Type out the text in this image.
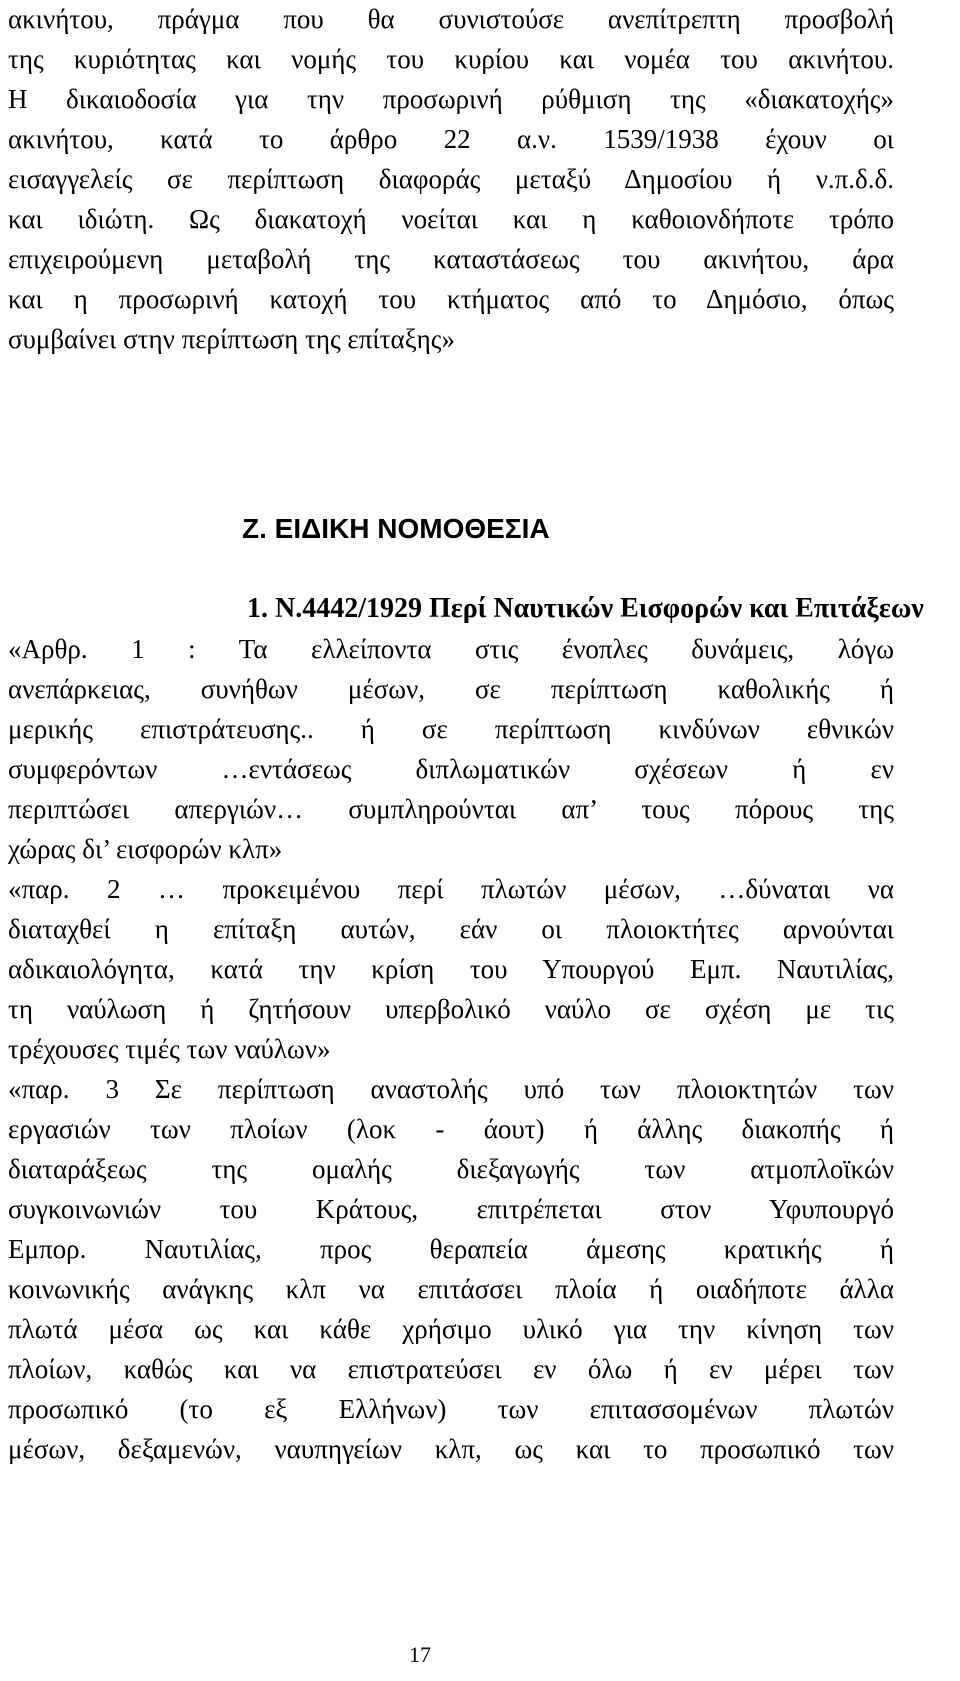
ακινήτου, πράγμα που θα συνιστούσε ανεπίτρεπτη προσβολή
της κυριότητας και νομής του κυρίου και νομέα του ακινήτου.
Η δικαιοδοσία για την προσωρινή ρύθμιση της «διακατοχής»
ακινήτου, κατά το άρθρο 22 α.ν. 1539/1938 έχουν οι
εισαγγελείς σε περίπτωση διαφοράς μεταξύ Δημοσίου ή ν.π.δ.δ.
και ιδιώτη. Ως διακατοχή νοείται και η καθοιονδήποτε τρόπο
επιχειρούμενη μεταβολή της καταστάσεως του ακινήτου, άρα
και η προσωρινή κατοχή του κτήματος από το Δημόσιο, όπως
συμβαίνει στην περίπτωση της επίταξης»
Ζ. ΕΙΔΙΚΗ ΝΟΜΟΘΕΣΙΑ
1. Ν.4442/1929 Περί Ναυτικών Εισφορών και Επιτάξεων
«Αρθρ. 1 : Τα ελλείποντα στις ένοπλες δυνάμεις, λόγω
ανεπάρκειας, συνήθων μέσων, σε περίπτωση καθολικής ή
μερικής επιστράτευσης.. ή σε περίπτωση κινδύνων εθνικών
συμφερόντων …εντάσεως διπλωματικών σχέσεων ή εν
περιπτώσει απεργιών… συμπληρούνται απ’ τους πόρους της
χώρας δι’ εισφορών κλπ»
«παρ. 2 … προκειμένου περί πλωτών μέσων, …δύναται να
διαταχθεί η επίταξη αυτών, εάν οι πλοιοκτήτες αρνούνται
αδικαιολόγητα, κατά την κρίση του Υπουργού Εμπ. Ναυτιλίας,
τη ναύλωση ή ζητήσουν υπερβολικό ναύλο σε σχέση με τις
τρέχουσες τιμές των ναύλων»
«παρ. 3 Σε περίπτωση αναστολής υπό των πλοιοκτητών των
εργασιών των πλοίων (λοκ - άουτ) ή άλλης διακοπής ή
διαταράξεως της ομαλής διεξαγωγής των ατμοπλοϊκών
συγκοινωνιών του Κράτους, επιτρέπεται στον Υφυπουργό
Εμπορ. Ναυτιλίας, προς θεραπεία άμεσης κρατικής ή
κοινωνικής ανάγκης κλπ να επιτάσσει πλοία ή οιαδήποτε άλλα
πλωτά μέσα ως και κάθε χρήσιμο υλικό για την κίνηση των
πλοίων, καθώς και να επιστρατεύσει εν όλω ή εν μέρει των
προσωπικό (το εξ Ελλήνων) των επιτασσομένων πλωτών
μέσων, δεξαμενών, ναυπηγείων κλπ, ως και το προσωπικό των
17
